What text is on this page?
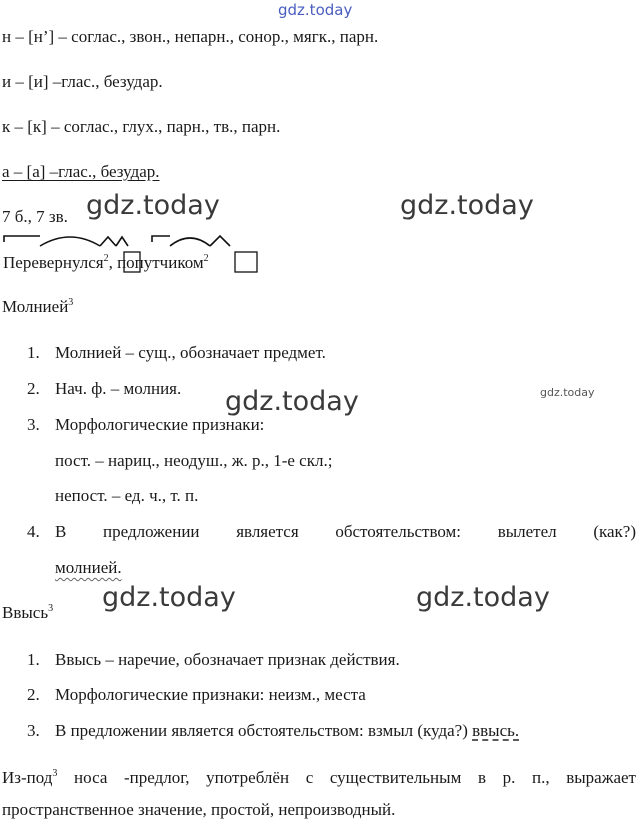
gdz.today
gdz.today	gdz.today
gdz.today	gdz.today
gdz.today	gdz.today
н – [н’] – соглас., звон., непарн., сонор., мягк., парн.
и – [и] –глас., безудар.
к – [к] – соглас., глух., парн., тв., парн.
а – [а] –глас., безудар.
7 б., 7 зв.
Перевернулся$^2$, попутчиком$^2$
Молнией$^3$
1. Молнией – сущ., обозначает предмет.
2. Нач. ф. – молния.
3. Морфологические признаки:
пост. – нариц., неодуш., ж. р., 1-е скл.;
непост. – ед. ч., т. п.
4. В предложении является обстоятельством: вылетел (как?)
молнией.
Ввысь$^3$
1. Ввысь – наречие, обозначает признак действия.
2. Морфологические признаки: неизм., места
3. В предложении является обстоятельством: взмыл (куда?) ввысь.
Из-под$^3$ носа -предлог, употреблён с существительным в р. п., выражает
пространственное значение, простой, непроизводный.
